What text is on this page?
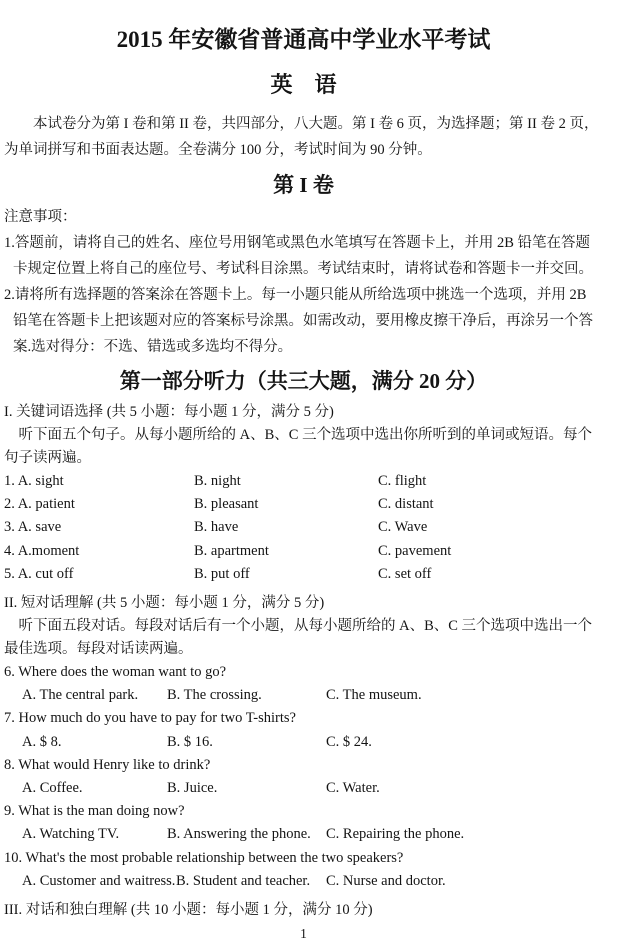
2015 年安徽省普通高中学业水平考试
英　语

本试卷分为第 I 卷和第 II 卷，共四部分，八大题。第 I 卷 6 页，为选择题；第 II 卷 2 页，为单词拼写和书面表达题。全卷满分 100 分，考试时间为 90 分钟。

第 I 卷

注意事项：

1.答题前，请将自己的姓名、座位号用钢笔或黑色水笔填写在答题卡上，并用 2B 铅笔在答题卡规定位置上将自己的座位号、考试科目涂黑。考试结束时，请将试卷和答题卡一并交回。

2.请将所有选择题的答案涂在答题卡上。每一小题只能从所给选项中挑选一个选项，并用 2B 铅笔在答题卡上把该题对应的答案标号涂黑。如需改动，要用橡皮擦干净后，再涂另一个答案.选对得分：不选、错选或多选均不得分。

第一部分听力（共三大题，满分 20 分）

I. 关键词语选择 (共 5 小题：每小题 1 分，满分 5 分)

听下面五个句子。从每小题所给的 A、B、C 三个选项中选出你所听到的单词或短语。每个句子读两遍。

1. A. sight	B. night	C. flight
2. A. patient	B. pleasant	C. distant
3. A. save	B. have	C. Wave
4. A.moment	B. apartment	C. pavement
5. A. cut off	B. put off	C. set off

II. 短对话理解 (共 5 小题：每小题 1 分，满分 5 分)

听下面五段对话。每段对话后有一个小题，从每小题所给的 A、B、C 三个选项中选出一个最佳选项。每段对话读两遍。

6. Where does the woman want to go?
A. The central park.	B. The crossing.	C. The museum.
7. How much do you have to pay for two T-shirts?
A. $ 8.	B. $ 16.	C. $ 24.
8. What would Henry like to drink?
A. Coffee.	B. Juice.	C. Water.
9. What is the man doing now?
A. Watching TV.	B. Answering the phone.	C. Repairing the phone.
10. What's the most probable relationship between the two speakers?
A. Customer and waitress. B. Student and teacher.	C. Nurse and doctor.

III. 对话和独白理解 (共 10 小题：每小题 1 分，满分 10 分)

1
